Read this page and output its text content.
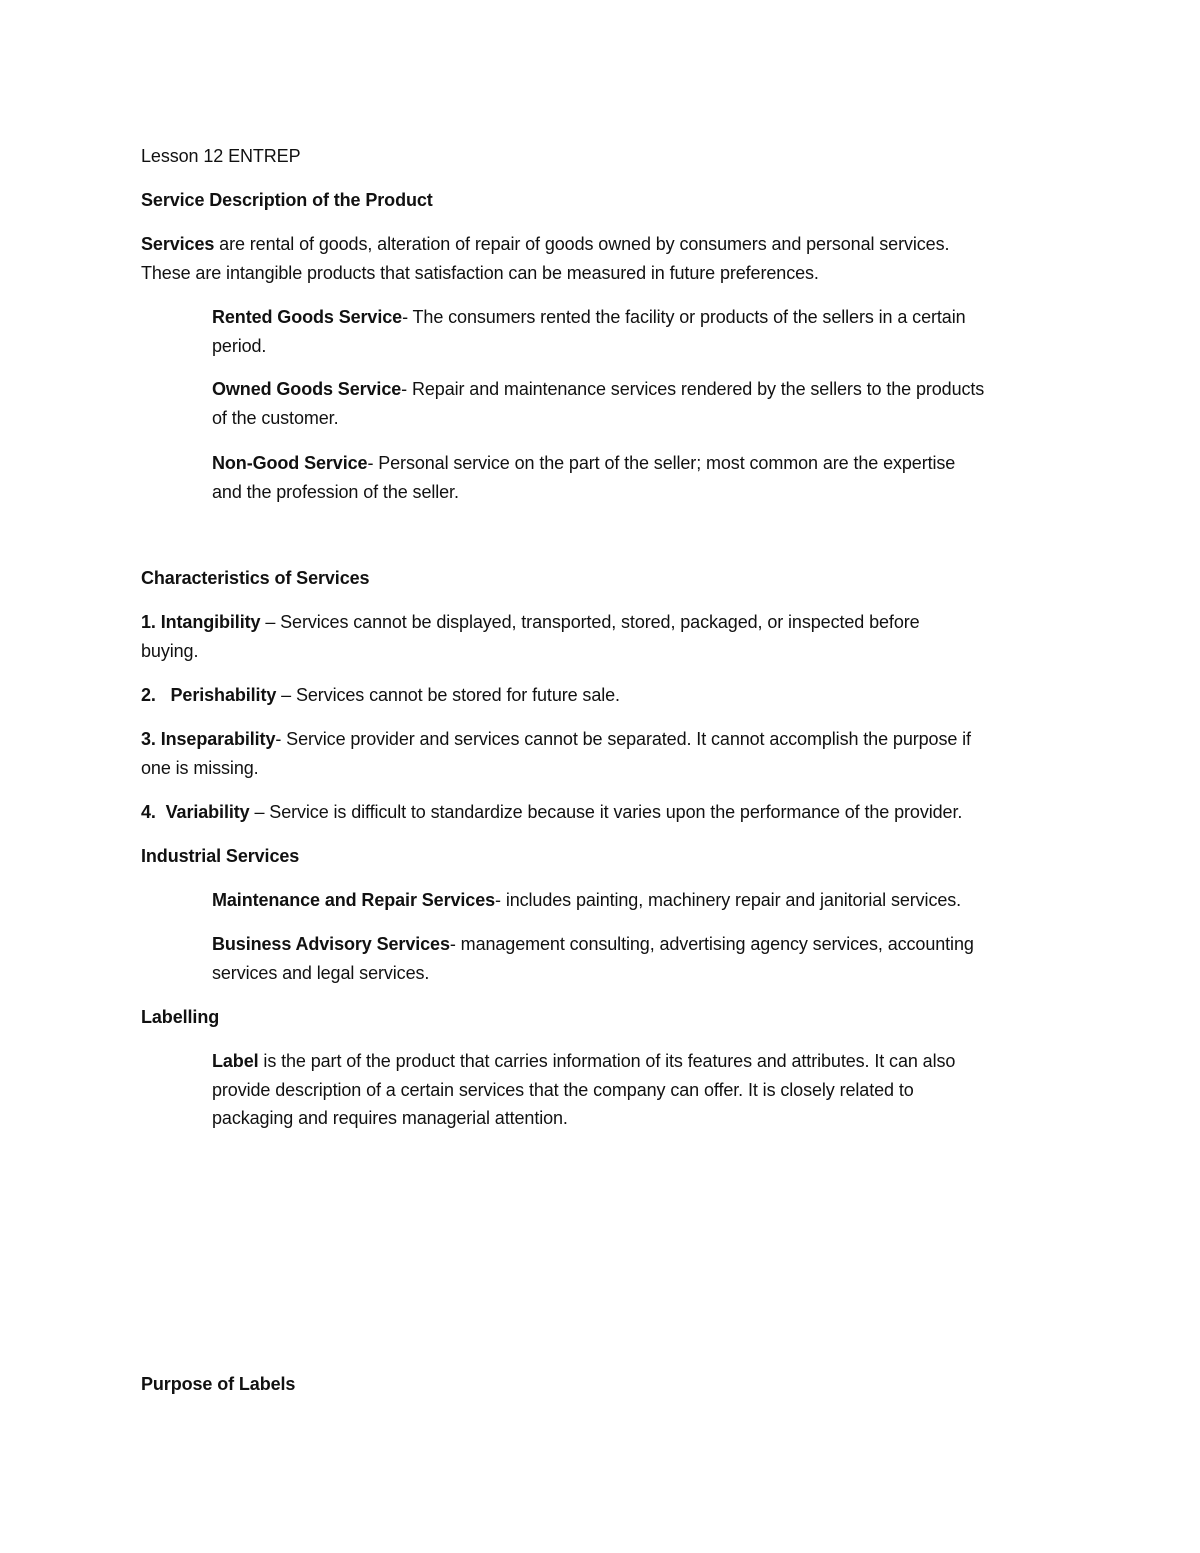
Lesson 12 ENTREP
Service Description of the Product
Services are rental of goods, alteration of repair of goods owned by consumers and personal services.
These are intangible products that satisfaction can be measured in future preferences.
Rented Goods Service- The consumers rented the facility or products of the sellers in a certain
period.
Owned Goods Service- Repair and maintenance services rendered by the sellers to the products
of the customer.
Non-Good Service- Personal service on the part of the seller; most common are the expertise
and the profession of the seller.
Characteristics of Services
1. Intangibility – Services cannot be displayed, transported, stored, packaged, or inspected before
buying.
2.   Perishability – Services cannot be stored for future sale.
3. Inseparability- Service provider and services cannot be separated. It cannot accomplish the purpose if
one is missing.
4.  Variability – Service is difficult to standardize because it varies upon the performance of the provider.
Industrial Services
Maintenance and Repair Services- includes painting, machinery repair and janitorial services.
Business Advisory Services- management consulting, advertising agency services, accounting
services and legal services.
Labelling
Label is the part of the product that carries information of its features and attributes. It can also
provide description of a certain services that the company can offer. It is closely related to
packaging and requires managerial attention.
Purpose of Labels
